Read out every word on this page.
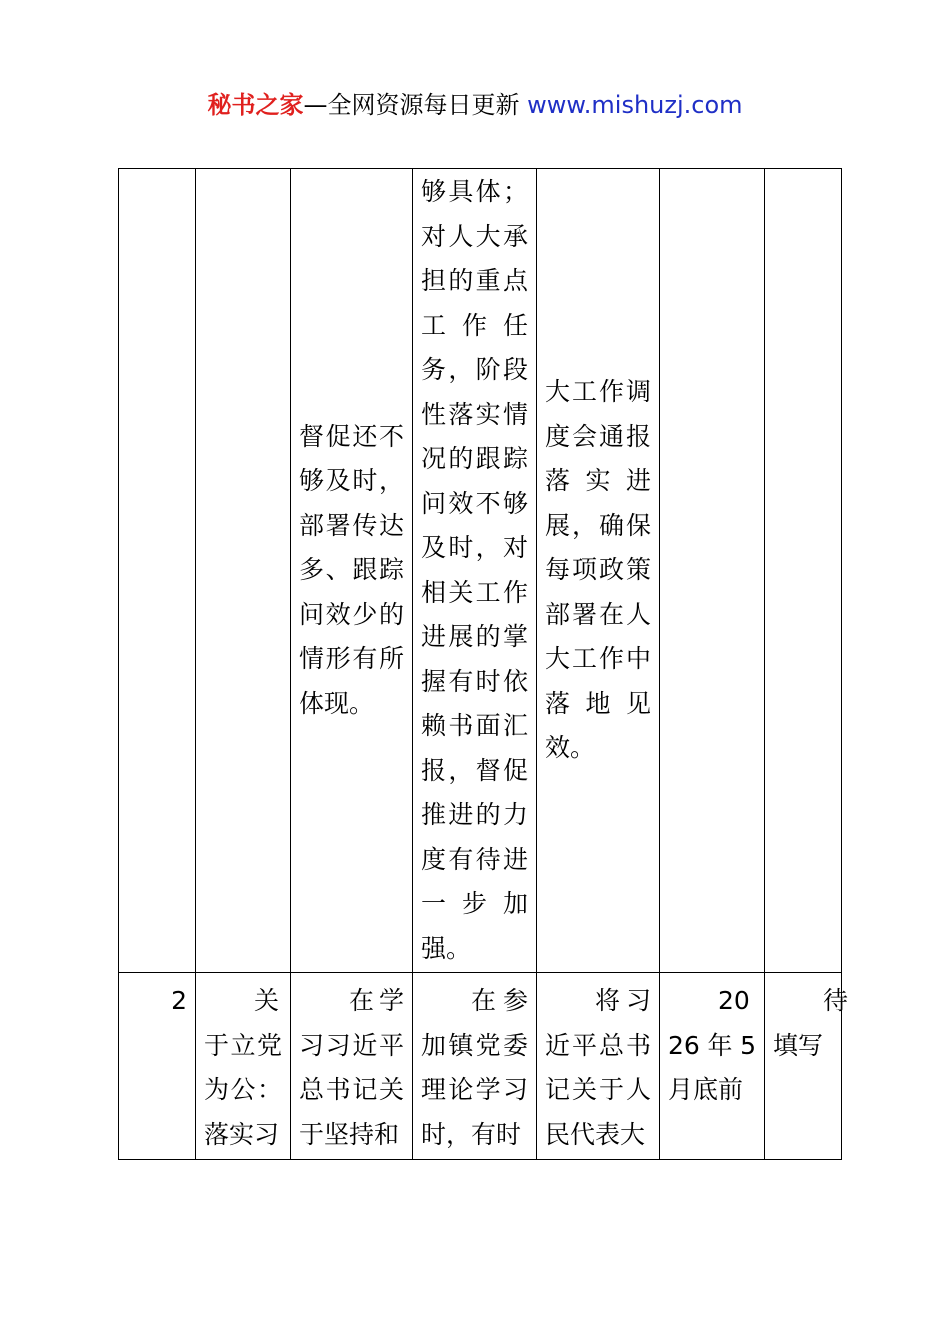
秘书之家—全网资源每日更新 www.mishuzj.com
		督促还不够及时，部署传达多、跟踪问效少的情形有所体现。	够具体；对人大承担的重点工作任务，阶段性落实情况的跟踪问效不够及时，对相关工作进展的掌握有时依赖书面汇报，督促推进的力度有待进一步加强。	大工作调度会通报落实进展，确保每项政策部署在人大工作中落地见效。		
2	关于立党为公：落实习	在学习习近平总书记关于坚持和	在参加镇党委理论学习时，有时	将习近平总书记关于人民代表大	2026年5月底前	待填写
